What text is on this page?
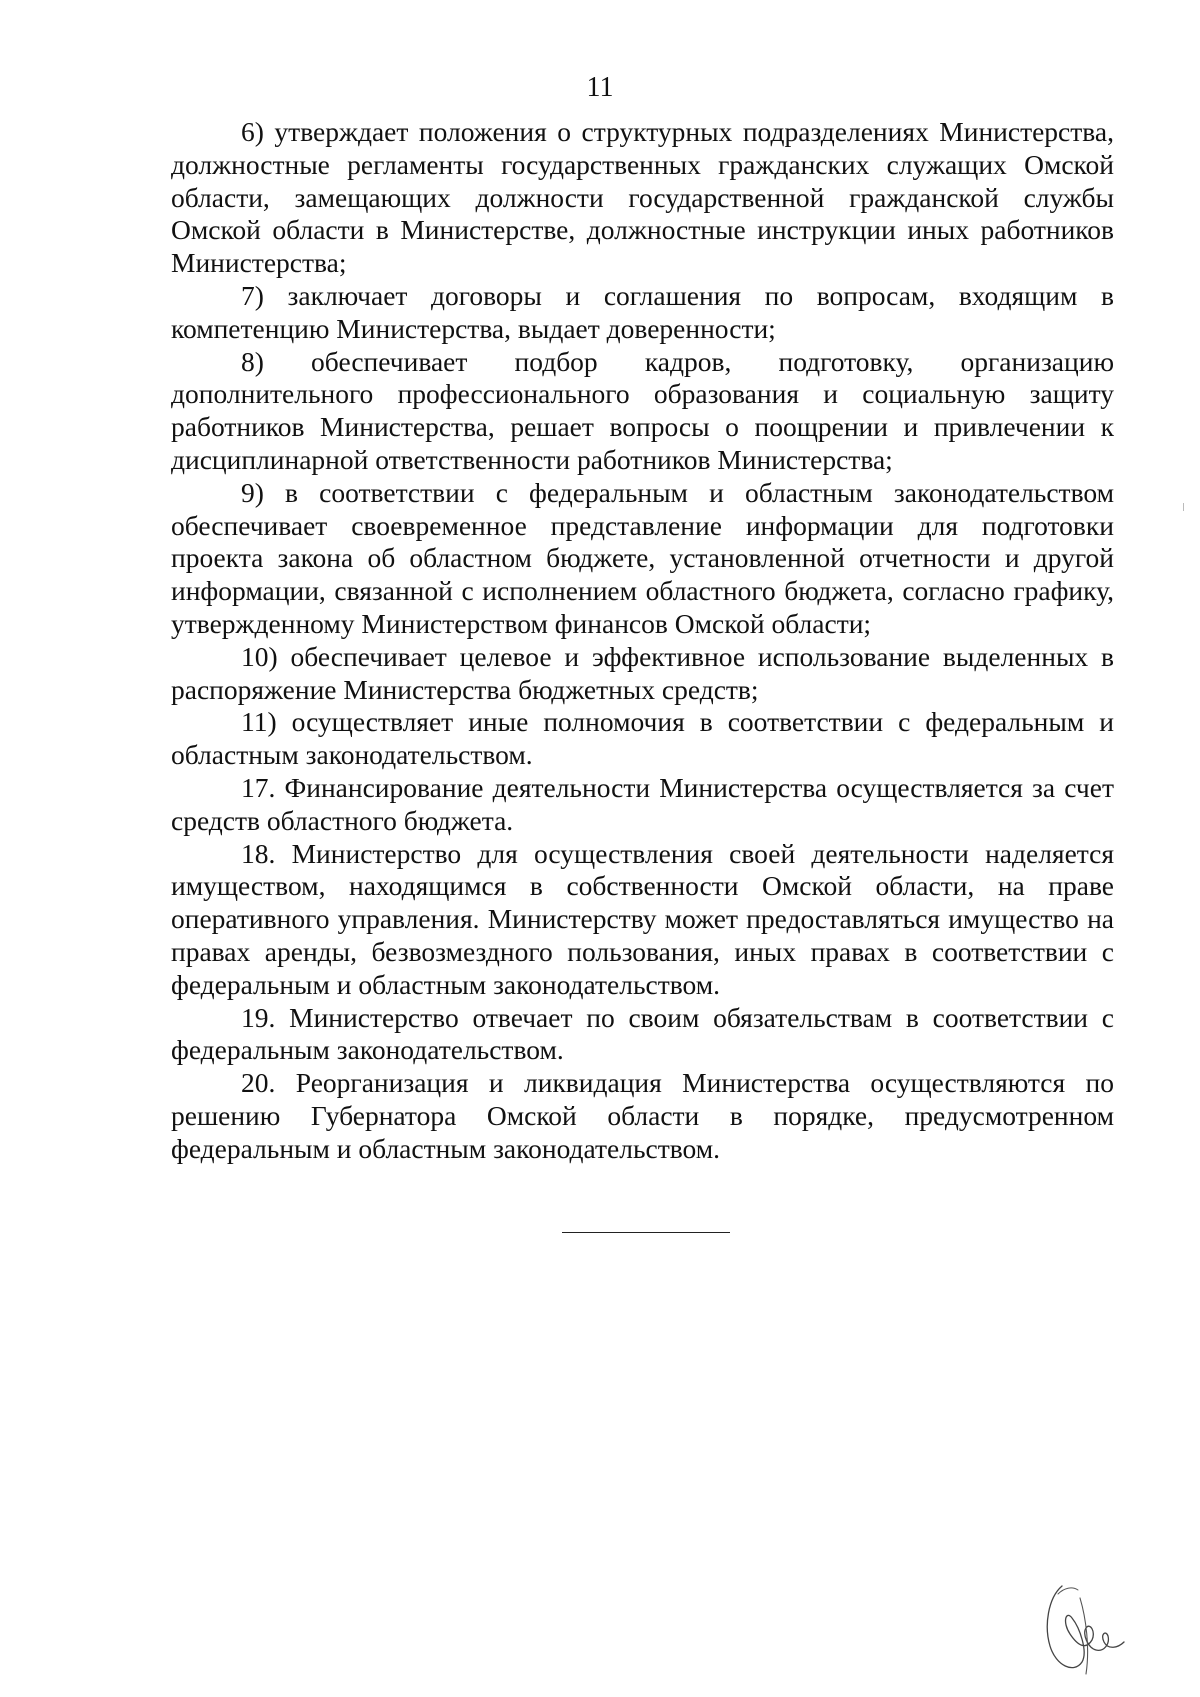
11

6) утверждает положения о структурных подразделениях Министерства, должностные регламенты государственных гражданских служащих Омской области, замещающих должности государственной гражданской службы Омской области в Министерстве, должностные инструкции иных работников Министерства;

7) заключает договоры и соглашения по вопросам, входящим в компетенцию Министерства, выдает доверенности;

8) обеспечивает подбор кадров, подготовку, организацию дополнительного профессионального образования и социальную защиту работников Министерства, решает вопросы о поощрении и привлечении к дисциплинарной ответственности работников Министерства;

9) в соответствии с федеральным и областным законодательством обеспечивает своевременное представление информации для подготовки проекта закона об областном бюджете, установленной отчетности и другой информации, связанной с исполнением областного бюджета, согласно графику, утвержденному Министерством финансов Омской области;

10) обеспечивает целевое и эффективное использование выделенных в распоряжение Министерства бюджетных средств;

11) осуществляет иные полномочия в соответствии с федеральным и областным законодательством.

17. Финансирование деятельности Министерства осуществляется за счет средств областного бюджета.

18. Министерство для осуществления своей деятельности наделяется имуществом, находящимся в собственности Омской области, на праве оперативного управления. Министерству может предоставляться имущество на правах аренды, безвозмездного пользования, иных правах в соответствии с федеральным и областным законодательством.

19. Министерство отвечает по своим обязательствам в соответствии с федеральным законодательством.

20. Реорганизация и ликвидация Министерства осуществляются по решению Губернатора Омской области в порядке, предусмотренном федеральным и областным законодательством.
